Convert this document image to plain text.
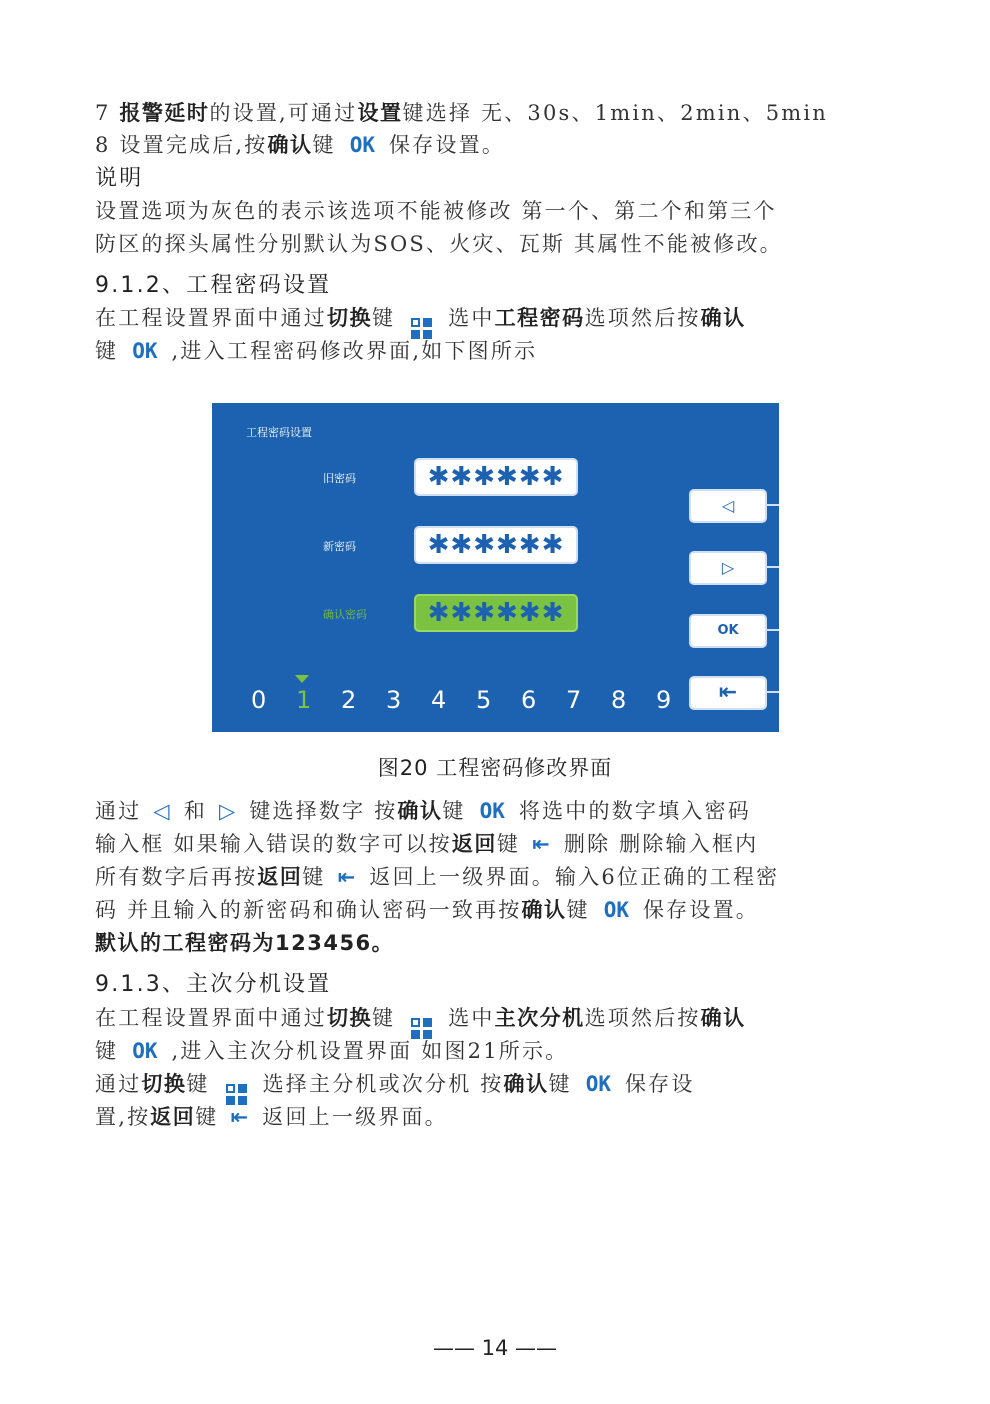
7 报警延时的设置,可通过设置键选择 无、30s、1min、2min、5min
8 设置完成后,按确认键 OK 保存设置。
说明
设置选项为灰色的表示该选项不能被修改 第一个、第二个和第三个
防区的探头属性分别默认为SOS、火灾、瓦斯 其属性不能被修改。
9.1.2、工程密码设置
在工程设置界面中通过切换键	选中工程密码选项然后按确认
键 OK ,进入工程密码修改界面,如下图所示
通过 ◁ 和 ▷ 键选择数字 按确认键 OK 将选中的数字填入密码
输入框 如果输入错误的数字可以按返回键 ⇤ 删除 删除输入框内
所有数字后再按返回键 ⇤ 返回上一级界面。输入6位正确的工程密
码 并且输入的新密码和确认密码一致再按确认键 OK 保存设置。
默认的工程密码为123456。
9.1.3、主次分机设置
在工程设置界面中通过切换键	选中主次分机选项然后按确认
键 OK ,进入主次分机设置界面 如图21所示。
通过切换键	选择主分机或次分机 按确认键 OK 保存设
置,按返回键 ⇤ 返回上一级界面。
工程密码设置
旧密码	✱✱✱✱✱✱
新密码	✱✱✱✱✱✱
确认密码	✱✱✱✱✱✱
◁
▷
OK
⇤
0 1 2 3 4 5 6 7 8 9
图20 工程密码修改界面
—— 14 ——
